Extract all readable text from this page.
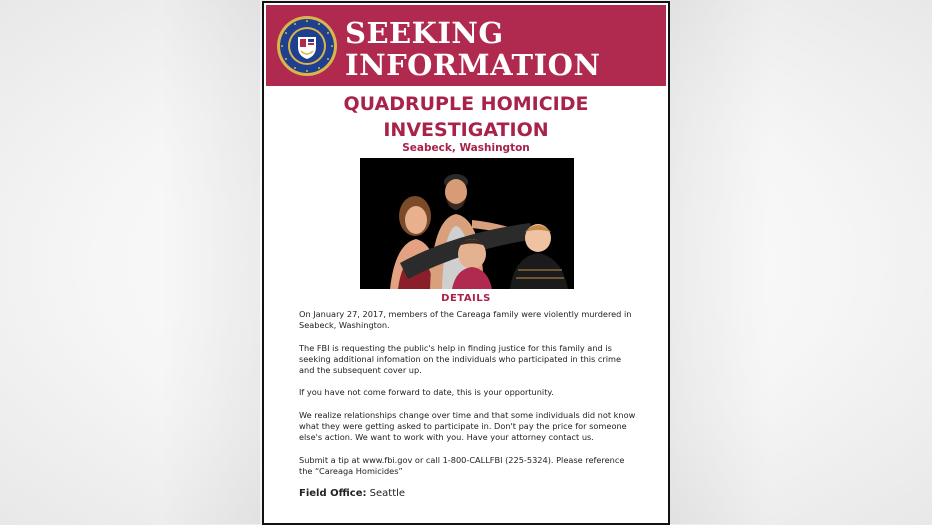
SEEKING
INFORMATION
QUADRUPLE HOMICIDE
INVESTIGATION
Seabeck, Washington
DETAILS

On January 27, 2017, members of the Careaga family were violently murdered in Seabeck, Washington.

The FBI is requesting the public's help in finding justice for this family and is seeking additional infomation on the individuals who participated in this crime and the subsequent cover up.

If you have not come forward to date, this is your opportunity.

We realize relationships change over time and that some individuals did not know what they were getting asked to participate in. Don't pay the price for someone else's action. We want to work with you. Have your attorney contact us.

Submit a tip at www.fbi.gov or call 1-800-CALLFBI (225-5324). Please reference the “Careaga Homicides”

Field Office: Seattle
